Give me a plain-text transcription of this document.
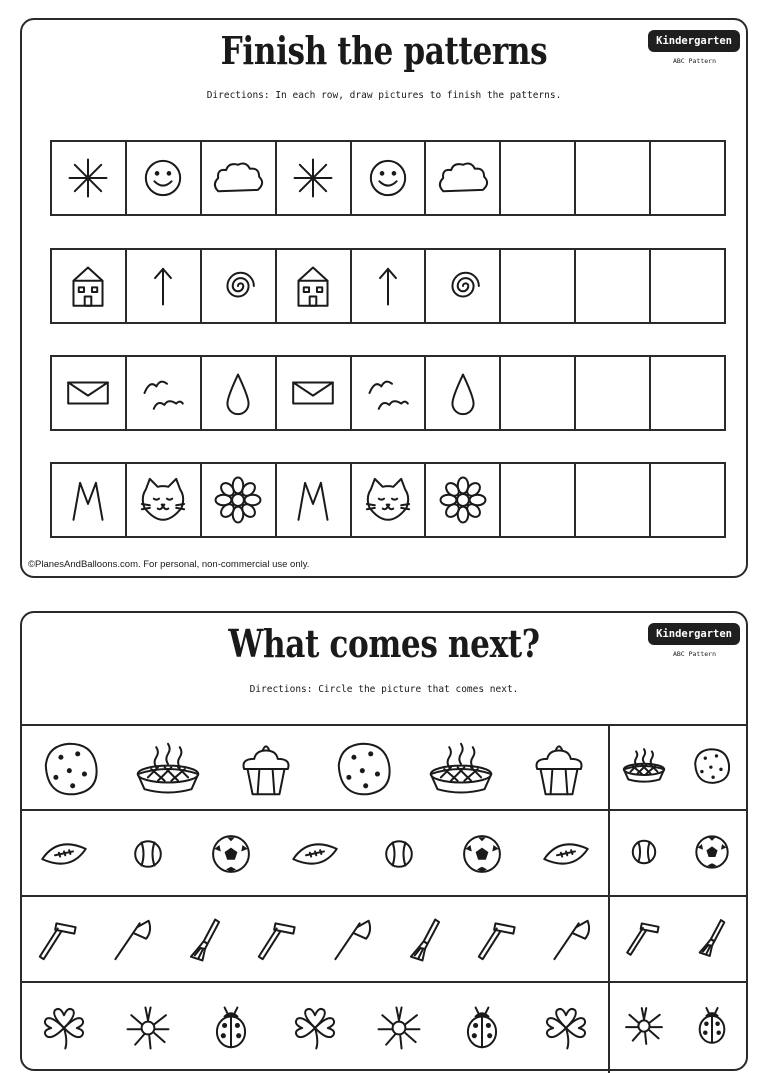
Finish the patterns
Directions: In each row, draw pictures to finish the patterns.
Kindergarten
ABC Pattern
©PlanesAndBalloons.com. For personal, non-commercial use only.
What comes next?
Directions: Circle the picture that comes next.
Kindergarten
ABC Pattern
